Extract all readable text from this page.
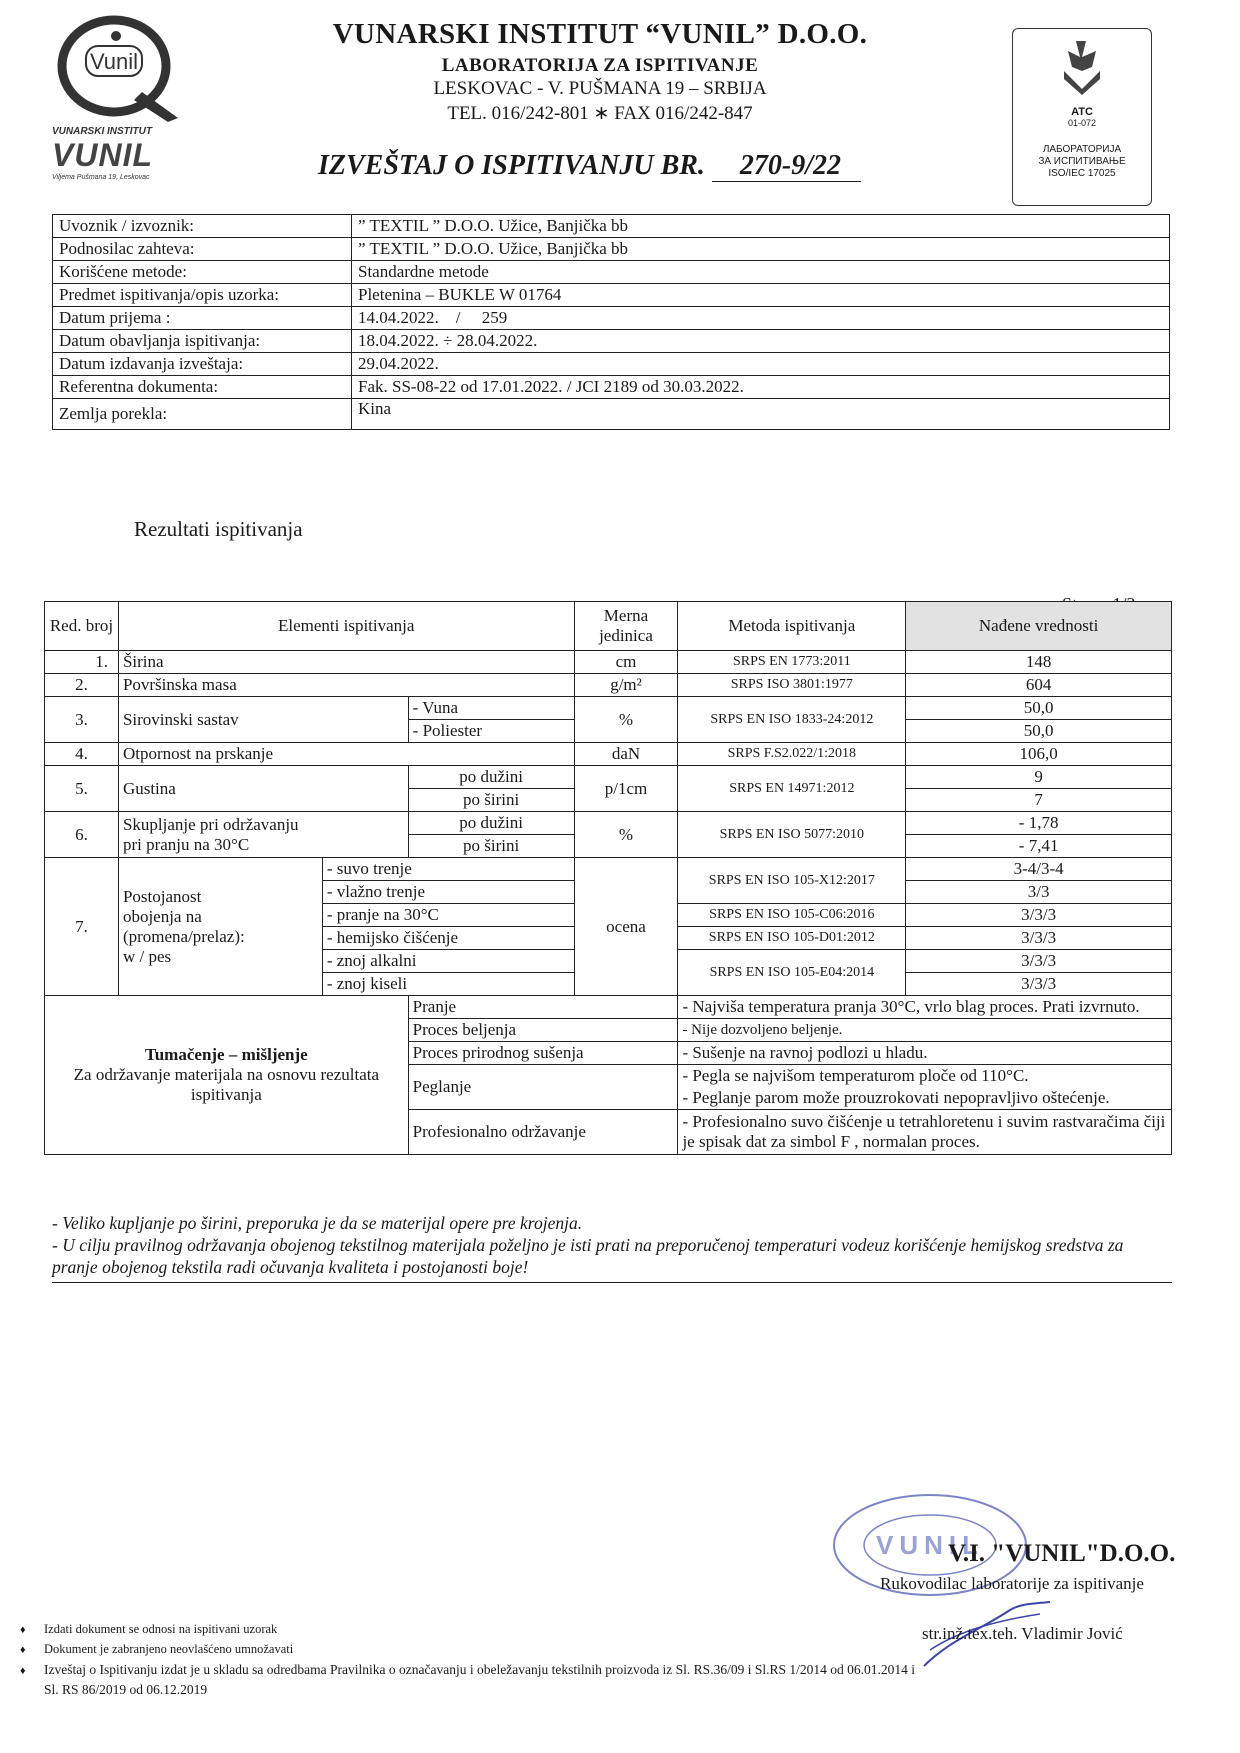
Vunil
VUNARSKI INSTITUT
VUNIL
Viljema Pušmana 19, Leskovac
VUNARSKI INSTITUT “VUNIL” D.O.O.
LABORATORIJA ZA ISPITIVANJE
LESKOVAC - V. PUŠMANA 19 – SRBIJA
TEL. 016/242-801 ∗ FAX 016/242-847
IZVEŠTAJ O ISPITIVANJU BR. 270-9/22
ATC
01-072
ЛАБОРАТОРИЈА
ЗА ИСПИТИВАЊЕ
ISO/IEC 17025
Uvoznik / izvoznik:	” TEXTIL ” D.O.O. Užice, Banjička bb
Podnosilac zahteva:	” TEXTIL ” D.O.O. Užice, Banjička bb
Korišćene metode:	Standardne metode
Predmet ispitivanja/opis uzorka:	Pletenina – BUKLE W 01764
Datum prijema :	14.04.2022.    /     259
Datum obavljanja ispitivanja:	18.04.2022. ÷ 28.04.2022.
Datum izdavanja izveštaja:	29.04.2022.
Referentna dokumenta:	Fak. SS-08-22 od 17.01.2022. / JCI 2189 od 30.03.2022.
Zemlja porekla:	Kina
Rezultati ispitivanja
Red. broj	Elementi ispitivanja			Merna jedinica	Metoda ispitivanja	Nađene vrednosti
1.	Širina			cm	SRPS EN 1773:2011	148
2.	Površinska masa			g/m²	SRPS ISO 3801:1977	604
3.	Sirovinski sastav		- Vuna	%	SRPS EN ISO 1833-24:2012	50,0
			- Poliester			50,0
4.	Otpornost na prskanje			daN	SRPS F.S2.022/1:2018	106,0
5.	Gustina		po dužini	p/1cm	SRPS EN 14971:2012	9
			po širini			7
6.	Skupljanje pri održavanju
pri pranju na 30°C		po dužini	%	SRPS EN ISO 5077:2010	- 1,78
			po širini			- 7,41
7.	Postojanost
obojenja na
(promena/prelaz):
w / pes	- suvo trenje		ocena	SRPS EN ISO 105-X12:2017	3-4/3-4
		- vlažno trenje				3/3
		- pranje na 30°C			SRPS EN ISO 105-C06:2016	3/3/3
		- hemijsko čišćenje			SRPS EN ISO 105-D01:2012	3/3/3
		- znoj alkalni			SRPS EN ISO 105-E04:2014	3/3/3
		- znoj kiseli				3/3/3

Tumačenje – mišljenje
Za održavanje materijala na osnovu rezultata ispitivanja			Pranje		- Najviša temperatura pranja 30°C, vrlo blag proces. Prati izvrnuto.	
			Proces beljenja		- Nije dozvoljeno beljenje.	
			Proces prirodnog sušenja		- Sušenje na ravnoj podlozi u hladu.	
			Peglanje		- Pegla se najvišom temperaturom ploče od 110°C.	
					- Peglanje parom može prouzrokovati nepopravljivo oštećenje.	
			Profesionalno održavanje		- Profesionalno suvo čišćenje u tetrahloretenu i suvim rastvaračima čiji je spisak dat za simbol F , normalan proces.	
- Veliko kupljanje po širini, preporuka je da se materijal opere pre krojenja.
- U cilju pravilnog održavanja obojenog tekstilnog materijala poželjno je isti prati na preporučenoj temperaturi vodeuz korišćenje hemijskog sredstva za pranje obojenog tekstila radi očuvanja kvaliteta i postojanosti boje!
VUNIL
V.I. "VUNIL"D.O.O.
Rukovodilac laboratorije za ispitivanje
str.inž.tex.teh. Vladimir Jović
♦ Izdati dokument se odnosi na ispitivani uzorak
♦ Dokument je zabranjeno neovlašćeno umnožavati
♦ Izveštaj o Ispitivanju izdat je u skladu sa odredbama Pravilnika o označavanju i obeležavanju tekstilnih proizvoda iz Sl. RS.36/09 i Sl.RS 1/2014 od 06.01.2014 i
Sl. RS 86/2019 od 06.12.2019
